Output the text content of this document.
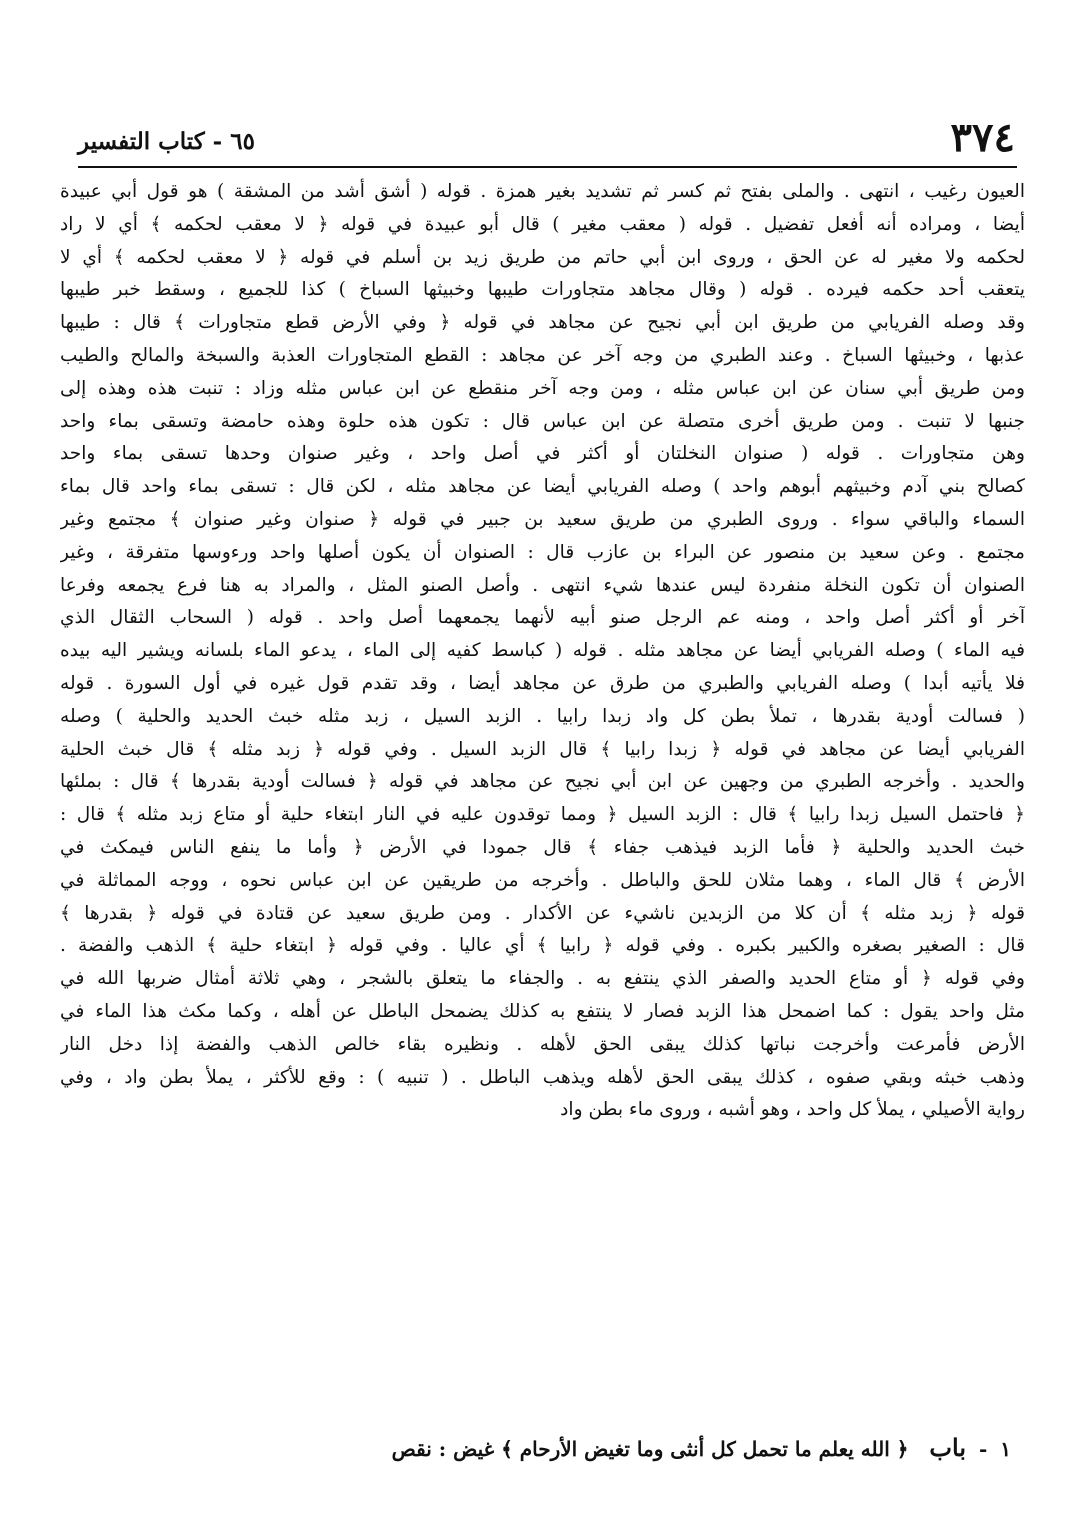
٣٧٤
٦٥ - كتاب التفسير
العيون رغيب ، انتهى . والملى بفتح ثم كسر ثم تشديد بغير همزة . قوله ( أشق أشد من المشقة ) هو قول أبي عبيدة
أيضا ، ومراده أنه أفعل تفضيل . قوله ( معقب مغير ) قال أبو عبيدة في قوله ﴿ لا معقب لحكمه ﴾ أي لا راد
لحكمه ولا مغير له عن الحق ، وروى ابن أبي حاتم من طريق زيد بن أسلم في قوله ﴿ لا معقب لحكمه ﴾ أي لا
يتعقب أحد حكمه فيرده . قوله ( وقال مجاهد متجاورات طيبها وخبيثها السباخ ) كذا للجميع ، وسقط خبر طيبها
وقد وصله الفريابي من طريق ابن أبي نجيح عن مجاهد في قوله ﴿ وفي الأرض قطع متجاورات ﴾ قال : طيبها
عذبها ، وخبيثها السباخ . وعند الطبري من وجه آخر عن مجاهد : القطع المتجاورات العذبة والسبخة والمالح والطيب
ومن طريق أبي سنان عن ابن عباس مثله ، ومن وجه آخر منقطع عن ابن عباس مثله وزاد : تنبت هذه وهذه إلى
جنبها لا تنبت . ومن طريق أخرى متصلة عن ابن عباس قال : تكون هذه حلوة وهذه حامضة وتسقى بماء واحد
وهن متجاورات . قوله ( صنوان النخلتان أو أكثر في أصل واحد ، وغير صنوان وحدها تسقى بماء واحد
كصالح بني آدم وخبيثهم أبوهم واحد ) وصله الفريابي أيضا عن مجاهد مثله ، لكن قال : تسقى بماء واحد قال بماء
السماء والباقي سواء . وروى الطبري من طريق سعيد بن جبير في قوله ﴿ صنوان وغير صنوان ﴾ مجتمع وغير
مجتمع . وعن سعيد بن منصور عن البراء بن عازب قال : الصنوان أن يكون أصلها واحد ورءوسها متفرقة ، وغير
الصنوان أن تكون النخلة منفردة ليس عندها شيء انتهى . وأصل الصنو المثل ، والمراد به هنا فرع يجمعه وفرعا
آخر أو أكثر أصل واحد ، ومنه عم الرجل صنو أبيه لأنهما يجمعهما أصل واحد . قوله ( السحاب الثقال الذي
فيه الماء ) وصله الفريابي أيضا عن مجاهد مثله . قوله ( كباسط كفيه إلى الماء ، يدعو الماء بلسانه ويشير اليه بيده
فلا يأتيه أبدا ) وصله الفريابي والطبري من طرق عن مجاهد أيضا ، وقد تقدم قول غيره في أول السورة . قوله
( فسالت أودية بقدرها ، تملأ بطن كل واد زبدا رابيا . الزبد السيل ، زبد مثله خبث الحديد والحلية ) وصله
الفريابي أيضا عن مجاهد في قوله ﴿ زبدا رابيا ﴾ قال الزبد السيل . وفي قوله ﴿ زبد مثله ﴾ قال خبث الحلية
والحديد . وأخرجه الطبري من وجهين عن ابن أبي نجيح عن مجاهد في قوله ﴿ فسالت أودية بقدرها ﴾ قال : بملئها
﴿ فاحتمل السيل زبدا رابيا ﴾ قال : الزبد السيل ﴿ ومما توقدون عليه في النار ابتغاء حلية أو متاع زبد مثله ﴾ قال :
خبث الحديد والحلية ﴿ فأما الزبد فيذهب جفاء ﴾ قال جمودا في الأرض ﴿ وأما ما ينفع الناس فيمكث في
الأرض ﴾ قال الماء ، وهما مثلان للحق والباطل . وأخرجه من طريقين عن ابن عباس نحوه ، ووجه المماثلة في
قوله ﴿ زبد مثله ﴾ أن كلا من الزبدين ناشيء عن الأكدار . ومن طريق سعيد عن قتادة في قوله ﴿ بقدرها ﴾
قال : الصغير بصغره والكبير بكبره . وفي قوله ﴿ رابيا ﴾ أي عاليا . وفي قوله ﴿ ابتغاء حلية ﴾ الذهب والفضة .
وفي قوله ﴿ أو متاع الحديد والصفر الذي ينتفع به . والجفاء ما يتعلق بالشجر ، وهي ثلاثة أمثال ضربها الله في
مثل واحد يقول : كما اضمحل هذا الزبد فصار لا ينتفع به كذلك يضمحل الباطل عن أهله ، وكما مكث هذا الماء في
الأرض فأمرعت وأخرجت نباتها كذلك يبقى الحق لأهله . ونظيره بقاء خالص الذهب والفضة إذا دخل النار
وذهب خبثه وبقي صفوه ، كذلك يبقى الحق لأهله ويذهب الباطل . ( تنبيه ) : وقع للأكثر ، يملأ بطن واد ، وفي
رواية الأصيلي ، يملأ كل واحد ، وهو أشبه ، وروى ماء بطن واد
١ - باب ﴿ الله يعلم ما تحمل كل أنثى وما تغيض الأرحام ﴾ غيض : نقص
